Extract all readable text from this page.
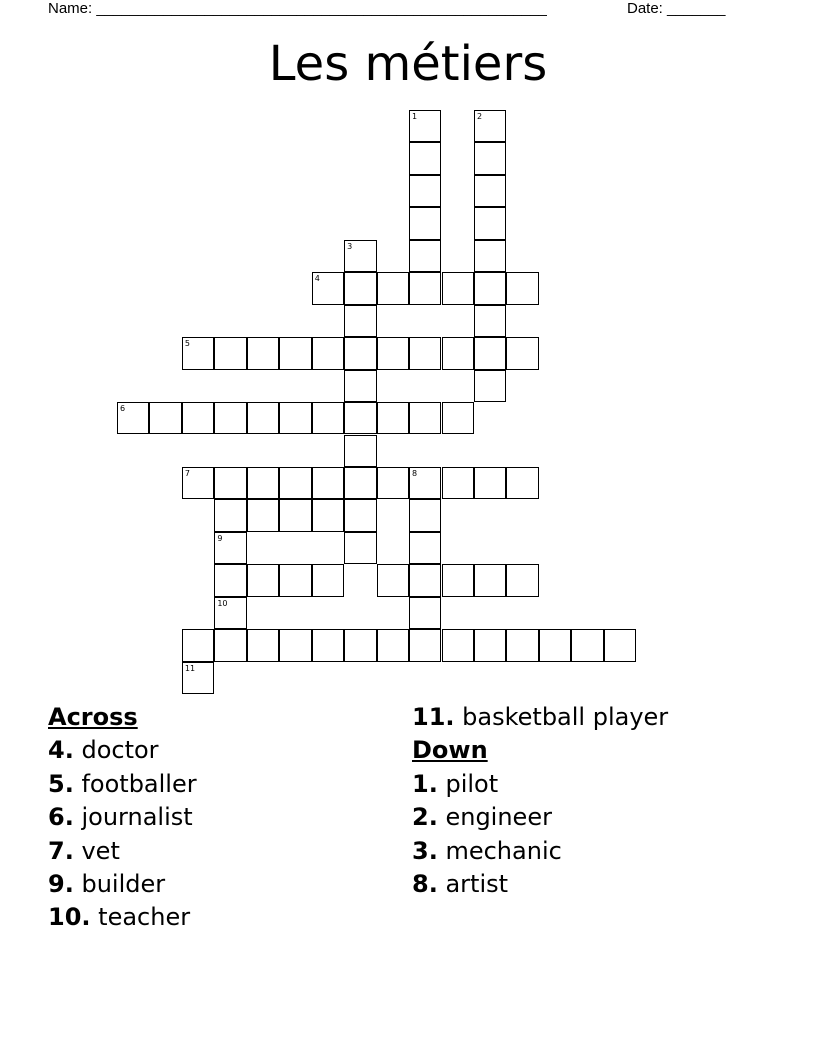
Name: ______________________________________________________	Date: _______
Les métiers
1	2
3
4
5
6
7	8
9
10
11
Across
4. doctor
5. footballer
6. journalist
7. vet
9. builder
10. teacher
11. basketball player
Down
1. pilot
2. engineer
3. mechanic
8. artist
